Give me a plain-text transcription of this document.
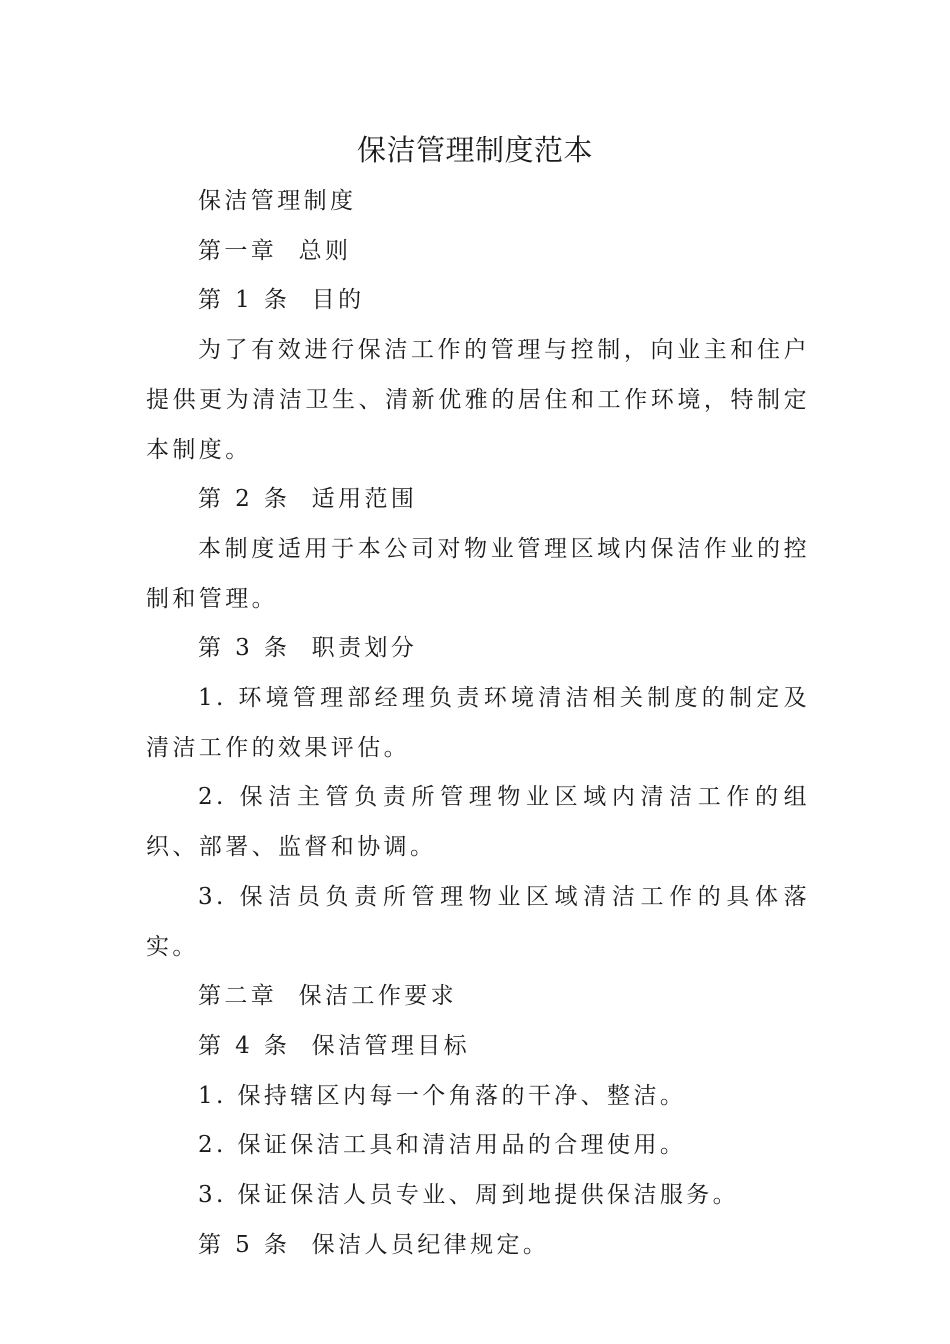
保洁管理制度范本

保洁管理制度

第一章  总则

第 1 条  目的

为了有效进行保洁工作的管理与控制，向业主和住户提供更为清洁卫生、清新优雅的居住和工作环境，特制定本制度。

第 2 条  适用范围

本制度适用于本公司对物业管理区域内保洁作业的控制和管理。

第 3 条  职责划分

1. 环境管理部经理负责环境清洁相关制度的制定及清洁工作的效果评估。

2. 保洁主管负责所管理物业区域内清洁工作的组织、部署、监督和协调。

3. 保洁员负责所管理物业区域清洁工作的具体落实。

第二章  保洁工作要求

第 4 条  保洁管理目标

1. 保持辖区内每一个角落的干净、整洁。

2. 保证保洁工具和清洁用品的合理使用。

3. 保证保洁人员专业、周到地提供保洁服务。

第 5 条  保洁人员纪律规定。
